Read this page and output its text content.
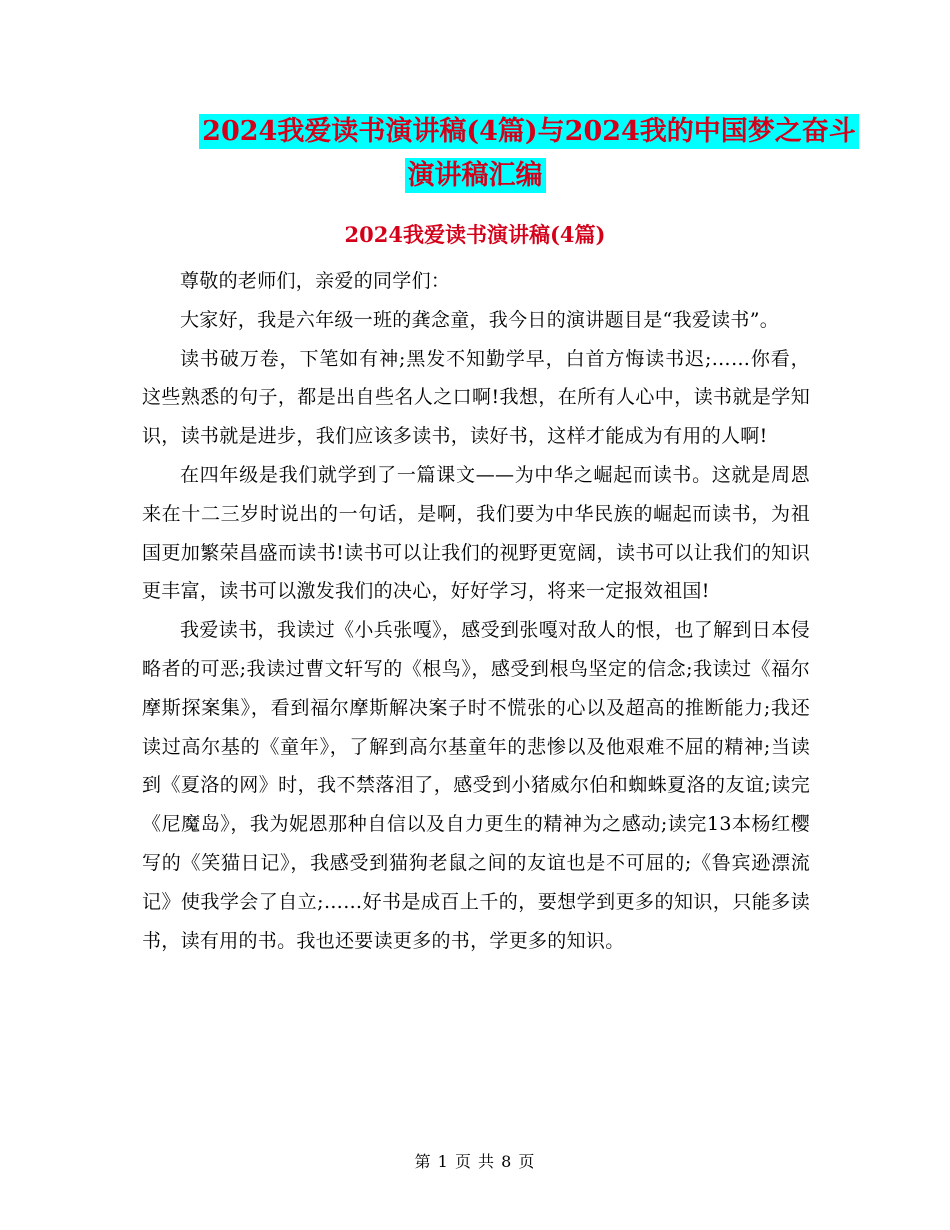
2024我爱读书演讲稿(4篇)与2024我的中国梦之奋斗
演讲稿汇编
2024我爱读书演讲稿(4篇)

尊敬的老师们，亲爱的同学们：

大家好，我是六年级一班的龚念童，我今日的演讲题目是“我爱读书”。

读书破万卷，下笔如有神;黑发不知勤学早，白首方悔读书迟;……你看，这些熟悉的句子，都是出自些名人之口啊!我想，在所有人心中，读书就是学知识，读书就是进步，我们应该多读书，读好书，这样才能成为有用的人啊!

在四年级是我们就学到了一篇课文——为中华之崛起而读书。这就是周恩来在十二三岁时说出的一句话，是啊，我们要为中华民族的崛起而读书，为祖国更加繁荣昌盛而读书!读书可以让我们的视野更宽阔，读书可以让我们的知识更丰富，读书可以激发我们的决心，好好学习，将来一定报效祖国!

我爱读书，我读过《小兵张嘎》，感受到张嘎对敌人的恨，也了解到日本侵略者的可恶;我读过曹文轩写的《根鸟》，感受到根鸟坚定的信念;我读过《福尔摩斯探案集》，看到福尔摩斯解决案子时不慌张的心以及超高的推断能力;我还读过高尔基的《童年》，了解到高尔基童年的悲惨以及他艰难不屈的精神;当读到《夏洛的网》时，我不禁落泪了，感受到小猪威尔伯和蜘蛛夏洛的友谊;读完《尼魔岛》，我为妮恩那种自信以及自力更生的精神为之感动;读完13本杨红樱写的《笑猫日记》，我感受到猫狗老鼠之间的友谊也是不可屈的;《鲁宾逊漂流记》使我学会了自立;……好书是成百上千的，要想学到更多的知识，只能多读书，读有用的书。我也还要读更多的书，学更多的知识。

第 1 页 共 8 页
